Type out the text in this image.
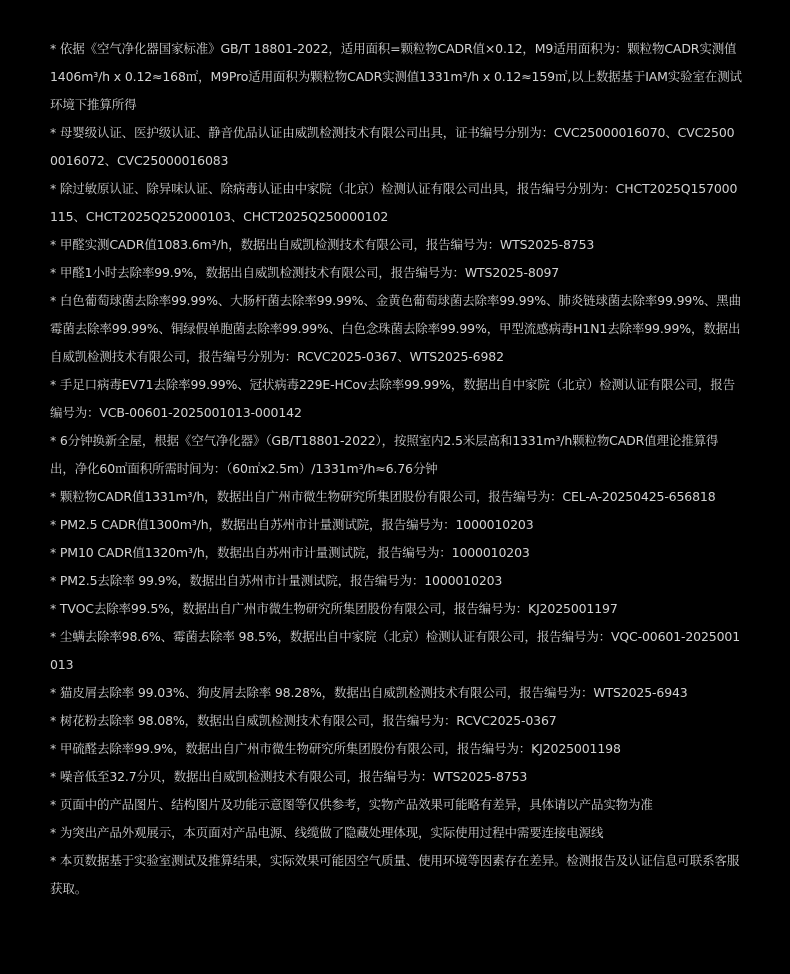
* 依据《空气净化器国家标准》GB/T 18801-2022，适用面积=颗粒物CADR值×0.12，M9适用面积为：颗粒物CADR实测值1406m³/h x 0.12≈168㎡，M9Pro适用面积为颗粒物CADR实测值1331m³/h x 0.12≈159㎡,以上数据基于IAM实验室在测试环境下推算所得

* 母婴级认证、医护级认证、静音优品认证由威凯检测技术有限公司出具，证书编号分别为：CVC25000016070、CVC25000016072、CVC25000016083

* 除过敏原认证、除异味认证、除病毒认证由中家院（北京）检测认证有限公司出具，报告编号分别为：CHCT2025Q157000115、CHCT2025Q252000103、CHCT2025Q250000102

* 甲醛实测CADR值1083.6m³/h，数据出自威凯检测技术有限公司，报告编号为：WTS2025-8753

* 甲醛1小时去除率99.9%，数据出自威凯检测技术有限公司，报告编号为：WTS2025-8097

* 白色葡萄球菌去除率99.99%、大肠杆菌去除率99.99%、金黄色葡萄球菌去除率99.99%、肺炎链球菌去除率99.99%、黑曲霉菌去除率99.99%、铜绿假单胞菌去除率99.99%、白色念珠菌去除率99.99%，甲型流感病毒H1N1去除率99.99%，数据出自威凯检测技术有限公司，报告编号分别为：RCVC2025-0367、WTS2025-6982

* 手足口病毒EV71去除率99.99%、冠状病毒229E-HCov去除率99.99%，数据出自中家院（北京）检测认证有限公司，报告编号为：VCB-00601-2025001013-000142

* 6分钟换新全屋，根据《空气净化器》（GB/T18801-2022），按照室内2.5米层高和1331m³/h颗粒物CADR值理论推算得出，净化60㎡面积所需时间为：（60㎡x2.5m）/1331m³/h≈6.76分钟

* 颗粒物CADR值1331m³/h，数据出自广州市微生物研究所集团股份有限公司，报告编号为：CEL-A-20250425-656818

* PM2.5 CADR值1300m³/h，数据出自苏州市计量测试院，报告编号为：1000010203

* PM10 CADR值1320m³/h，数据出自苏州市计量测试院，报告编号为：1000010203

* PM2.5去除率 99.9%，数据出自苏州市计量测试院，报告编号为：1000010203

* TVOC去除率99.5%，数据出自广州市微生物研究所集团股份有限公司，报告编号为：KJ2025001197

* 尘螨去除率98.6%、霉菌去除率 98.5%，数据出自中家院（北京）检测认证有限公司，报告编号为：VQC-00601-2025001013

* 猫皮屑去除率 99.03%、狗皮屑去除率 98.28%，数据出自威凯检测技术有限公司，报告编号为：WTS2025-6943

* 树花粉去除率 98.08%，数据出自威凯检测技术有限公司，报告编号为：RCVC2025-0367

* 甲硫醛去除率99.9%，数据出自广州市微生物研究所集团股份有限公司，报告编号为：KJ2025001198

* 噪音低至32.7分贝，数据出自威凯检测技术有限公司，报告编号为：WTS2025-8753

* 页面中的产品图片、结构图片及功能示意图等仅供参考，实物产品效果可能略有差异，具体请以产品实物为准

* 为突出产品外观展示，本页面对产品电源、线缆做了隐藏处理体现，实际使用过程中需要连接电源线

* 本页数据基于实验室测试及推算结果，实际效果可能因空气质量、使用环境等因素存在差异。检测报告及认证信息可联系客服获取。
